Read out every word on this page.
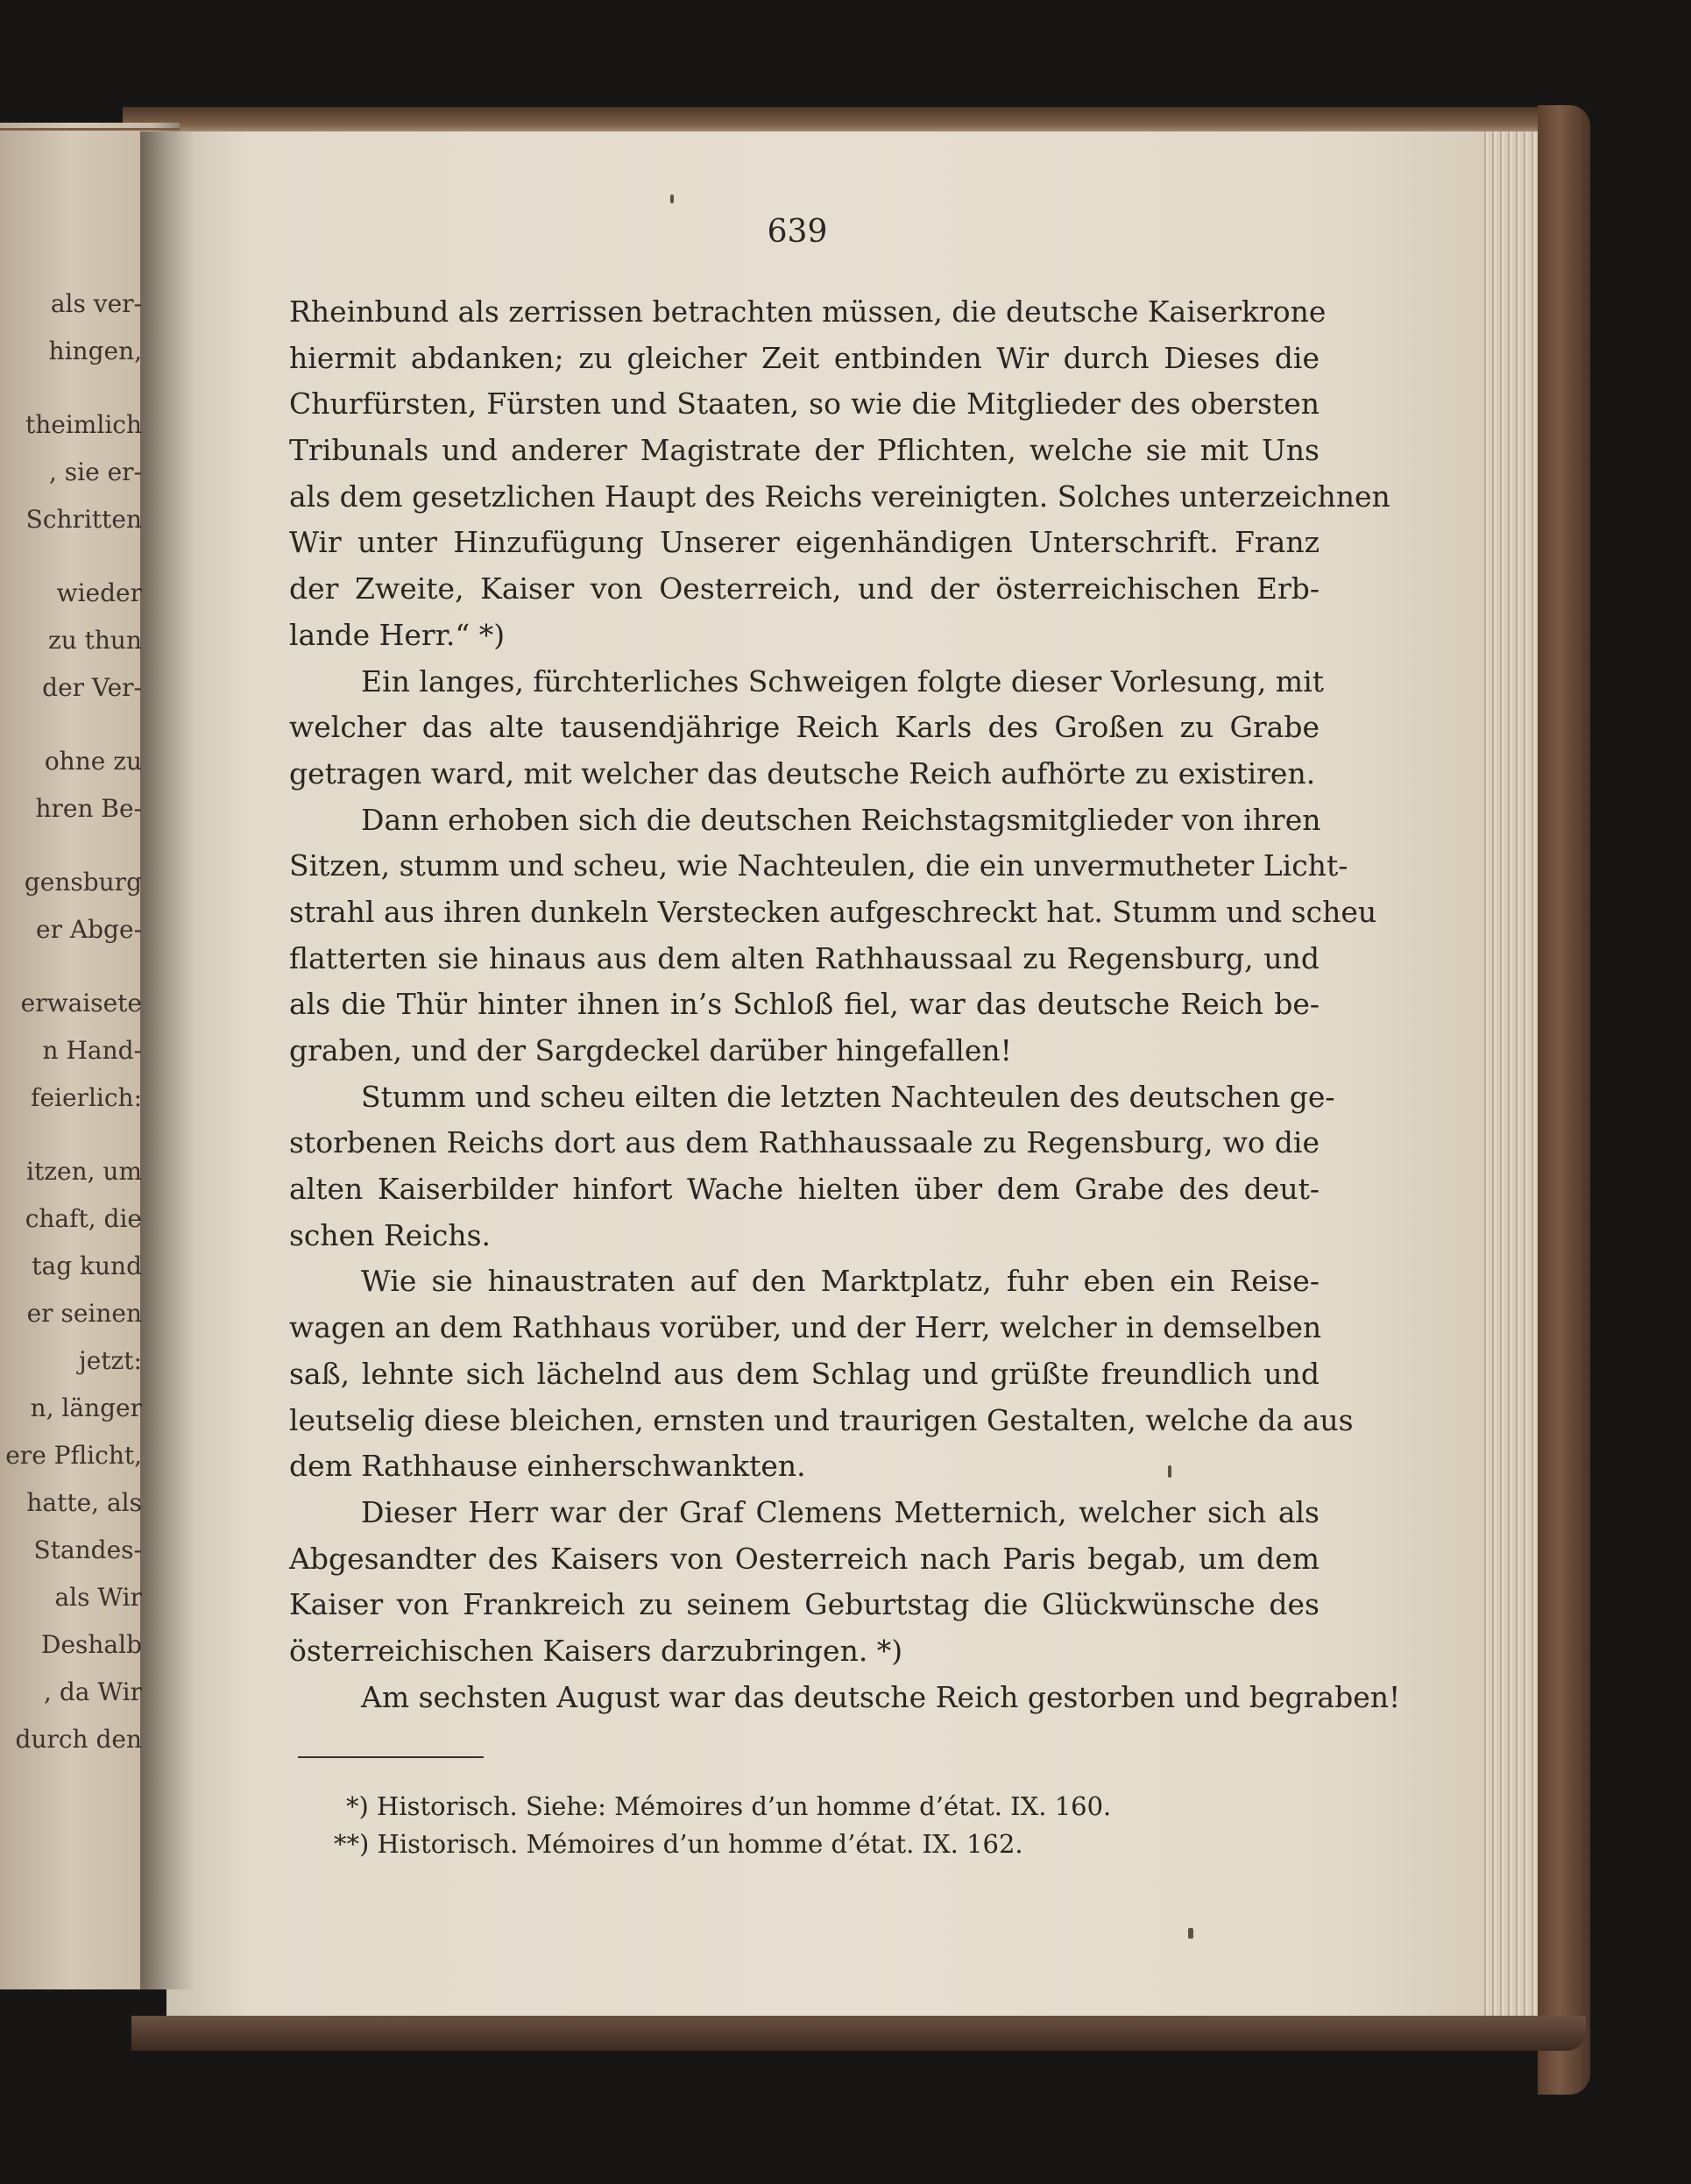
als ver-
hingen,
theimlich
, sie er-
Schritten
wieder
zu thun
der Ver-
ohne zu
hren Be-
gensburg
er Abge-
erwaisete
n Hand-
feierlich:
itzen, um
chaft, die
tag kund
er seinen
jetzt:
n, länger
ere Pflicht,
hatte, als
Standes-
als Wir
Deshalb
, da Wir
durch den
639
Rheinbund als zerrissen betrachten müssen, die deutsche Kaiserkrone
hiermit abdanken; zu gleicher Zeit entbinden Wir durch Dieses die
Churfürsten, Fürsten und Staaten, so wie die Mitglieder des obersten
Tribunals und anderer Magistrate der Pflichten, welche sie mit Uns
als dem gesetzlichen Haupt des Reichs vereinigten. Solches unterzeichnen
Wir unter Hinzufügung Unserer eigenhändigen Unterschrift. Franz
der Zweite, Kaiser von Oesterreich, und der österreichischen Erb-
lande Herr.“ *)
Ein langes, fürchterliches Schweigen folgte dieser Vorlesung, mit
welcher das alte tausendjährige Reich Karls des Großen zu Grabe
getragen ward, mit welcher das deutsche Reich aufhörte zu existiren.
Dann erhoben sich die deutschen Reichstagsmitglieder von ihren
Sitzen, stumm und scheu, wie Nachteulen, die ein unvermutheter Licht-
strahl aus ihren dunkeln Verstecken aufgeschreckt hat. Stumm und scheu
flatterten sie hinaus aus dem alten Rathhaussaal zu Regensburg, und
als die Thür hinter ihnen in’s Schloß fiel, war das deutsche Reich be-
graben, und der Sargdeckel darüber hingefallen!
Stumm und scheu eilten die letzten Nachteulen des deutschen ge-
storbenen Reichs dort aus dem Rathhaussaale zu Regensburg, wo die
alten Kaiserbilder hinfort Wache hielten über dem Grabe des deut-
schen Reichs.
Wie sie hinaustraten auf den Marktplatz, fuhr eben ein Reise-
wagen an dem Rathhaus vorüber, und der Herr, welcher in demselben
saß, lehnte sich lächelnd aus dem Schlag und grüßte freundlich und
leutselig diese bleichen, ernsten und traurigen Gestalten, welche da aus
dem Rathhause einherschwankten.
Dieser Herr war der Graf Clemens Metternich, welcher sich als
Abgesandter des Kaisers von Oesterreich nach Paris begab, um dem
Kaiser von Frankreich zu seinem Geburtstag die Glückwünsche des
österreichischen Kaisers darzubringen. *)
Am sechsten August war das deutsche Reich gestorben und begraben!
*) Historisch. Siehe: Mémoires d’un homme d’état. IX. 160.
**) Historisch. Mémoires d’un homme d’état. IX. 162.
